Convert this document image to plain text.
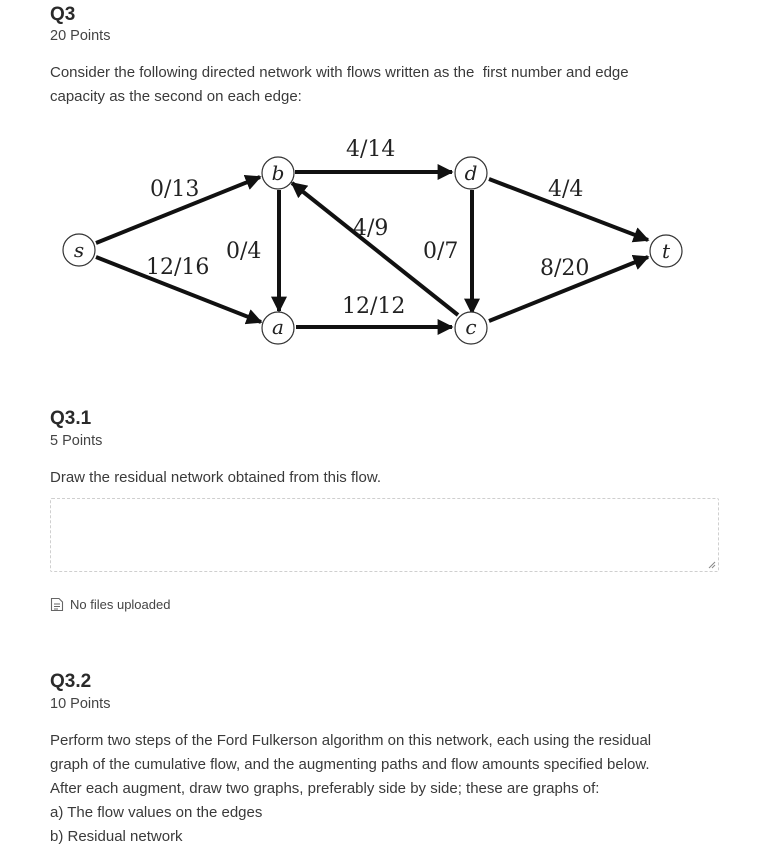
Q3
20 Points
Consider the following directed network with flows written as the  first number and edge
capacity as the second on each edge:
s
b	d
t
a	c
0/13
12/16
0/4
4/14
4/9
0/7
12/12
4/4
8/20
Q3.1
5 Points
Draw the residual network obtained from this flow.
No files uploaded
Q3.2
10 Points
Perform two steps of the Ford Fulkerson algorithm on this network, each using the residual
graph of the cumulative flow, and the augmenting paths and flow amounts specified below.
After each augment, draw two graphs, preferably side by side; these are graphs of:
a) The flow values on the edges
b) Residual network
